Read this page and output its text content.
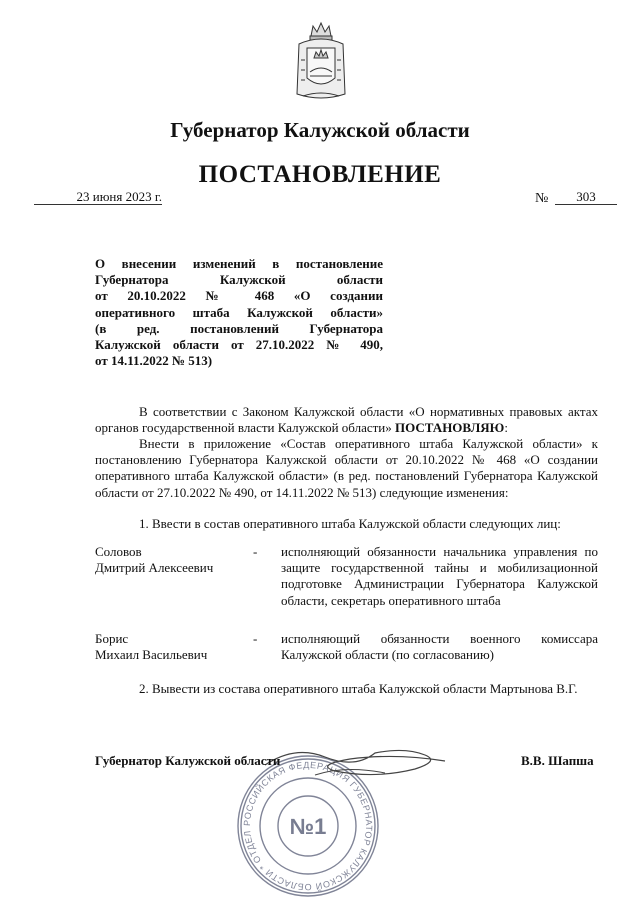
Губернатор Калужской области
ПОСТАНОВЛЕНИЕ
23 июня 2023 г.	№	303
О внесении изменений в постановление
Губернатора Калужской области
от 20.10.2022 № 468 «О создании
оперативного штаба Калужской области»
(в ред. постановлений Губернатора
Калужской области от 27.10.2022 № 490,
от 14.11.2022 № 513)
В соответствии с Законом Калужской области «О нормативных правовых актах органов государственной власти Калужской области» ПОСТАНОВЛЯЮ:
Внести в приложение «Состав оперативного штаба Калужской области» к постановлению Губернатора Калужской области от 20.10.2022 № 468 «О создании оперативного штаба Калужской области» (в ред. постановлений Губернатора Калужской области от 27.10.2022 № 490, от 14.11.2022 № 513) следующие изменения:
1. Ввести в состав оперативного штаба Калужской области следующих лиц:
Соловов
Дмитрий Алексеевич
- исполняющий обязанности начальника управления по защите государственной тайны и мобилизационной подготовке Администрации Губернатора Калужской области, секретарь оперативного штаба
Борис
Михаил Васильевич
- исполняющий обязанности военного комиссара Калужской области (по согласованию)
2. Вывести из состава оперативного штаба Калужской области Мартынова В.Г.
РОССИЙСКАЯ ФЕДЕРАЦИЯ ГУБЕРНАТОР КАЛУЖСКОЙ ОБЛАСТИ * ОТДЕЛ	№1
Губернатор Калужской области	В.В. Шапша
